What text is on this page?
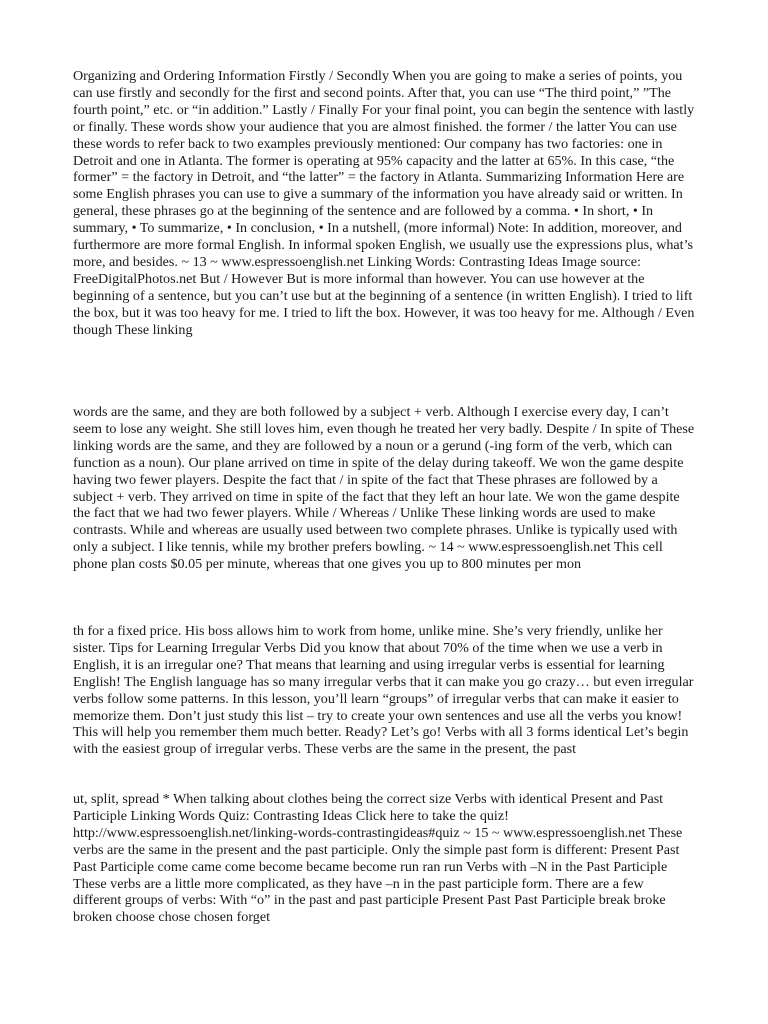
Organizing and Ordering Information Firstly / Secondly When you are going to make a series of points, you can use firstly and secondly for the first and second points. After that, you can use “The third point,” ”The fourth point,” etc. or “in addition.” Lastly / Finally For your final point, you can begin the sentence with lastly or finally. These words show your audience that you are almost finished. the former / the latter You can use these words to refer back to two examples previously mentioned: Our company has two factories: one in Detroit and one in Atlanta. The former is operating at 95% capacity and the latter at 65%. In this case, “the former” = the factory in Detroit, and “the latter” = the factory in Atlanta. Summarizing Information Here are some English phrases you can use to give a summary of the information you have already said or written. In general, these phrases go at the beginning of the sentence and are followed by a comma. • In short, • In summary, • To summarize, • In conclusion, • In a nutshell, (more informal) Note: In addition, moreover, and furthermore are more formal English. In informal spoken English, we usually use the expressions plus, what’s more, and besides. ~ 13 ~ www.espressoenglish.net Linking Words: Contrasting Ideas Image source: FreeDigitalPhotos.net But / However But is more informal than however. You can use however at the beginning of a sentence, but you can’t use but at the beginning of a sentence (in written English). I tried to lift the box, but it was too heavy for me. I tried to lift the box. However, it was too heavy for me. Although / Even though These linking

words are the same, and they are both followed by a subject + verb. Although I exercise every day, I can’t seem to lose any weight. She still loves him, even though he treated her very badly. Despite / In spite of These linking words are the same, and they are followed by a noun or a gerund (-ing form of the verb, which can function as a noun). Our plane arrived on time in spite of the delay during takeoff. We won the game despite having two fewer players. Despite the fact that / in spite of the fact that These phrases are followed by a subject + verb. They arrived on time in spite of the fact that they left an hour late. We won the game despite the fact that we had two fewer players. While / Whereas / Unlike These linking words are used to make contrasts. While and whereas are usually used between two complete phrases. Unlike is typically used with only a subject. I like tennis, while my brother prefers bowling. ~ 14 ~ www.espressoenglish.net This cell phone plan costs $0.05 per minute, whereas that one gives you up to 800 minutes per mon

th for a fixed price. His boss allows him to work from home, unlike mine. She’s very friendly, unlike her sister. Tips for Learning Irregular Verbs Did you know that about 70% of the time when we use a verb in English, it is an irregular one? That means that learning and using irregular verbs is essential for learning English! The English language has so many irregular verbs that it can make you go crazy… but even irregular verbs follow some patterns. In this lesson, you’ll learn “groups” of irregular verbs that can make it easier to memorize them. Don’t just study this list – try to create your own sentences and use all the verbs you know! This will help you remember them much better. Ready? Let’s go! Verbs with all 3 forms identical Let’s begin with the easiest group of irregular verbs. These verbs are the same in the present, the past

ut, split, spread * When talking about clothes being the correct size Verbs with identical Present and Past Participle Linking Words Quiz: Contrasting Ideas Click here to take the quiz! http://www.espressoenglish.net/linking-words-contrastingideas#quiz ~ 15 ~ www.espressoenglish.net These verbs are the same in the present and the past participle. Only the simple past form is different: Present Past Past Participle come came come become became become run ran run Verbs with –N in the Past Participle These verbs are a little more complicated, as they have –n in the past participle form. There are a few different groups of verbs: With “o” in the past and past participle Present Past Past Participle break broke broken choose chose chosen forget
